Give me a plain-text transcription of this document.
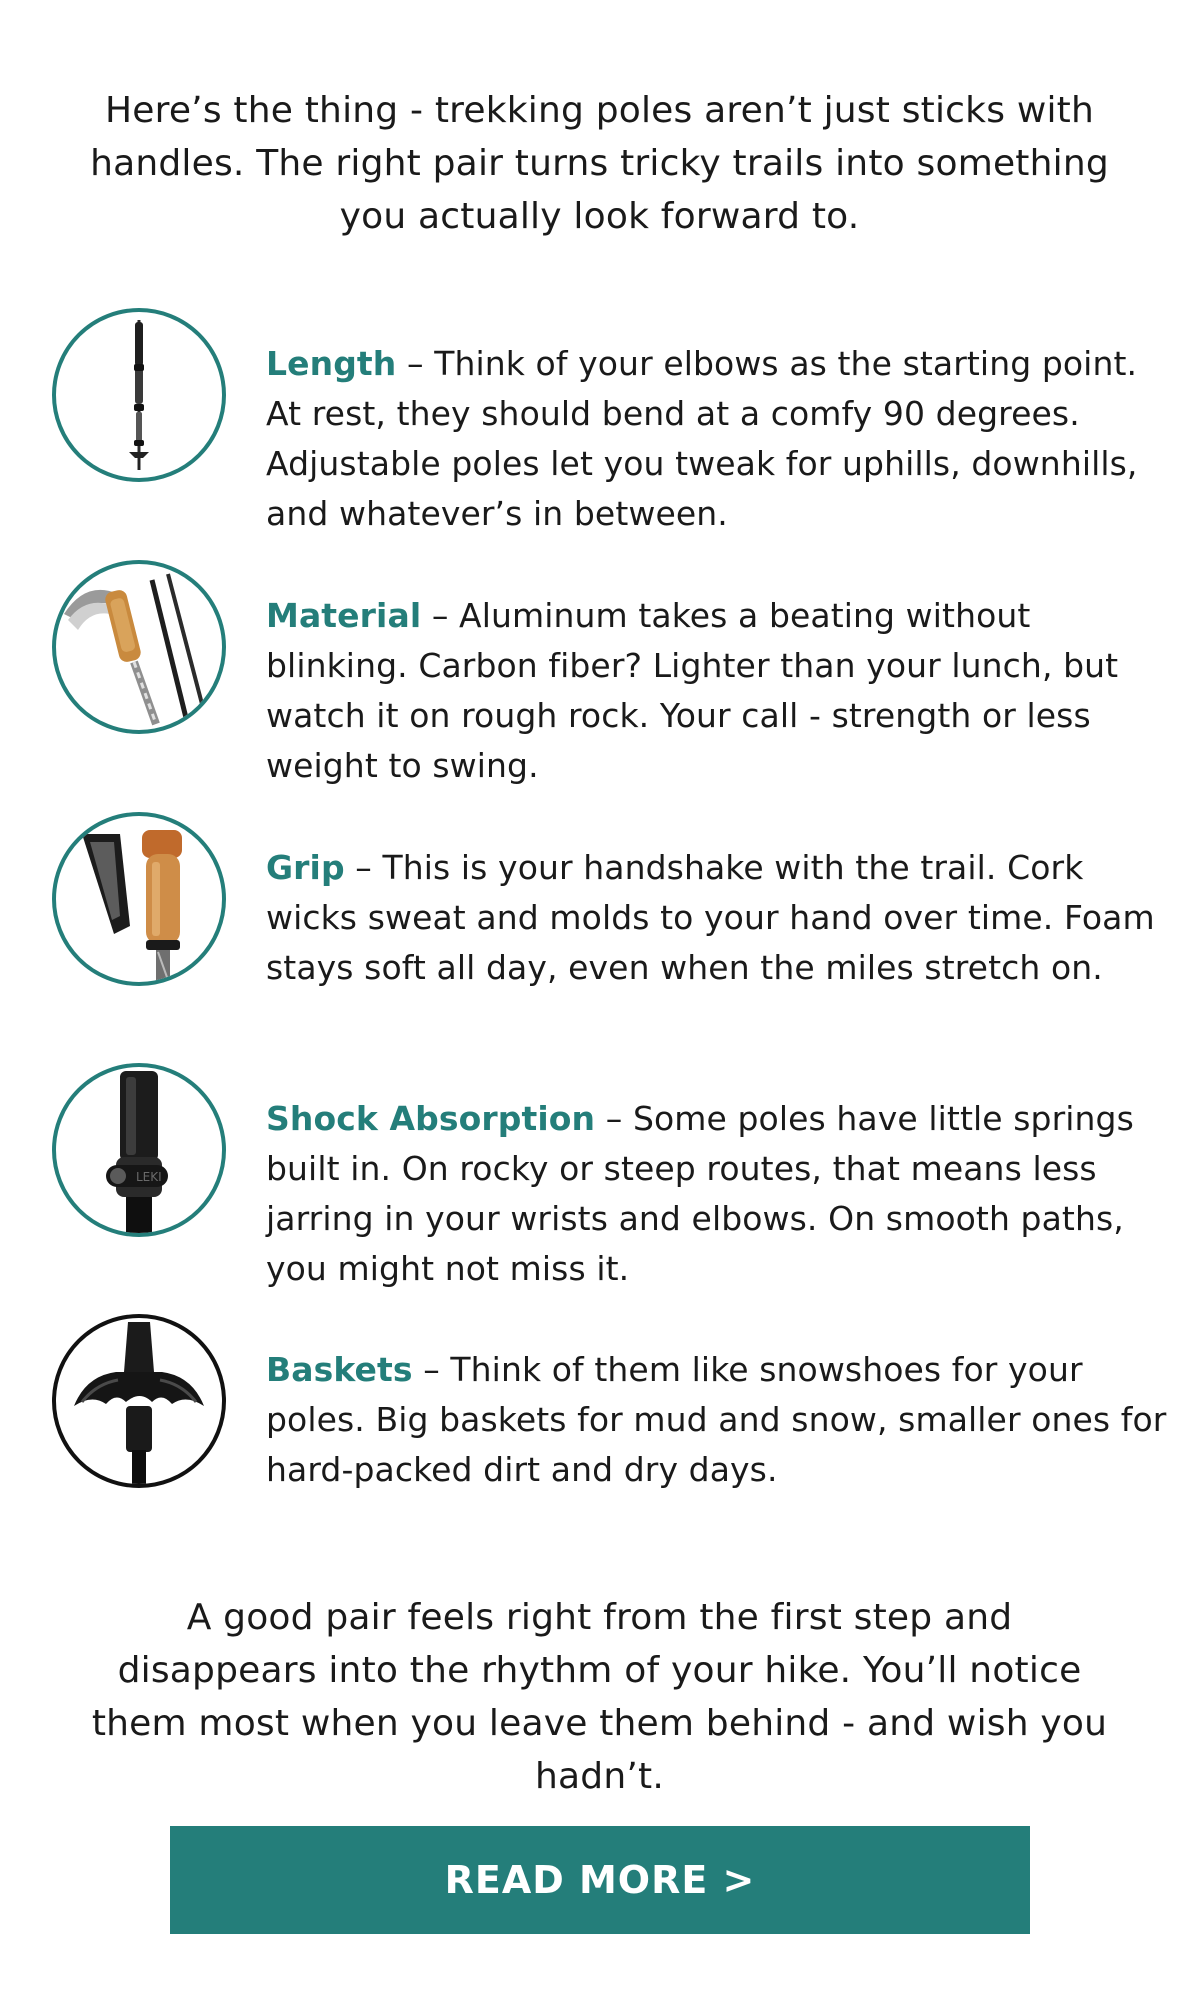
Here’s the thing - trekking poles aren’t just sticks with handles. The right pair turns tricky trails into something you actually look forward to.

Length – Think of your elbows as the starting point. At rest, they should bend at a comfy 90 degrees. Adjustable poles let you tweak for uphills, downhills, and whatever’s in between.

Material – Aluminum takes a beating without blinking. Carbon fiber? Lighter than your lunch, but watch it on rough rock. Your call - strength or less weight to swing.

Grip – This is your handshake with the trail. Cork wicks sweat and molds to your hand over time. Foam stays soft all day, even when the miles stretch on.

LEKI

Shock Absorption – Some poles have little springs built in. On rocky or steep routes, that means less jarring in your wrists and elbows. On smooth paths, you might not miss it.

Baskets – Think of them like snowshoes for your poles. Big baskets for mud and snow, smaller ones for hard-packed dirt and dry days.

A good pair feels right from the first step and disappears into the rhythm of your hike. You’ll notice them most when you leave them behind - and wish you hadn’t.

READ MORE >
